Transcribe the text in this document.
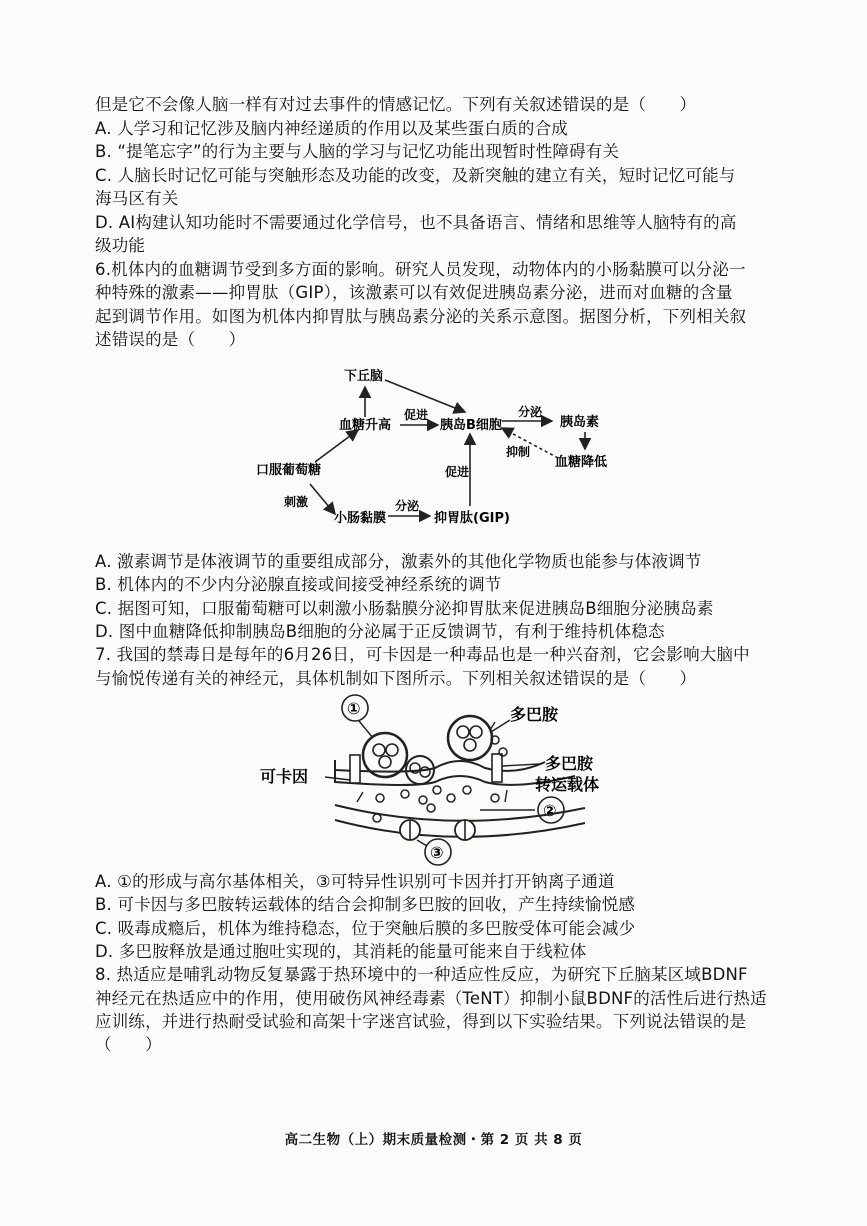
但是它不会像人脑一样有对过去事件的情感记忆。下列有关叙述错误的是（　　）
A. 人学习和记忆涉及脑内神经递质的作用以及某些蛋白质的合成
B. “提笔忘字”的行为主要与人脑的学习与记忆功能出现暂时性障碍有关
C. 人脑长时记忆可能与突触形态及功能的改变，及新突触的建立有关，短时记忆可能与
海马区有关
D. AI构建认知功能时不需要通过化学信号，也不具备语言、情绪和思维等人脑特有的高
级功能
6.机体内的血糖调节受到多方面的影响。研究人员发现，动物体内的小肠黏膜可以分泌一
种特殊的激素——抑胃肽（GIP），该激素可以有效促进胰岛素分泌，进而对血糖的含量
起到调节作用。如图为机体内抑胃肽与胰岛素分泌的关系示意图。据图分析，下列相关叙
述错误的是（　　）
下丘脑
血糖升高
促进
胰岛B细胞
分泌
胰岛素
抑制
血糖降低
口服葡萄糖	促进
刺激
小肠黏膜
分泌
抑胃肽(GIP)
A. 激素调节是体液调节的重要组成部分，激素外的其他化学物质也能参与体液调节
B. 机体内的不少内分泌腺直接或间接受神经系统的调节
C. 据图可知，口服葡萄糖可以刺激小肠黏膜分泌抑胃肽来促进胰岛B细胞分泌胰岛素
D. 图中血糖降低抑制胰岛B细胞的分泌属于正反馈调节，有利于维持机体稳态
7. 我国的禁毒日是每年的6月26日，可卡因是一种毒品也是一种兴奋剂，它会影响大脑中
与愉悦传递有关的神经元，具体机制如下图所示。下列相关叙述错误的是（　　）
①	多巴胺
可卡因
多巴胺
转运载体
②
③
A. ①的形成与高尔基体相关，③可特异性识别可卡因并打开钠离子通道
B. 可卡因与多巴胺转运载体的结合会抑制多巴胺的回收，产生持续愉悦感
C. 吸毒成瘾后，机体为维持稳态，位于突触后膜的多巴胺受体可能会减少
D. 多巴胺释放是通过胞吐实现的，其消耗的能量可能来自于线粒体
8. 热适应是哺乳动物反复暴露于热环境中的一种适应性反应，为研究下丘脑某区域BDNF
神经元在热适应中的作用，使用破伤风神经毒素（TeNT）抑制小鼠BDNF的活性后进行热适
应训练，并进行热耐受试验和高架十字迷宫试验，得到以下实验结果。下列说法错误的是
（　　）
高二生物（上）期末质量检测・第 2 页 共 8 页
